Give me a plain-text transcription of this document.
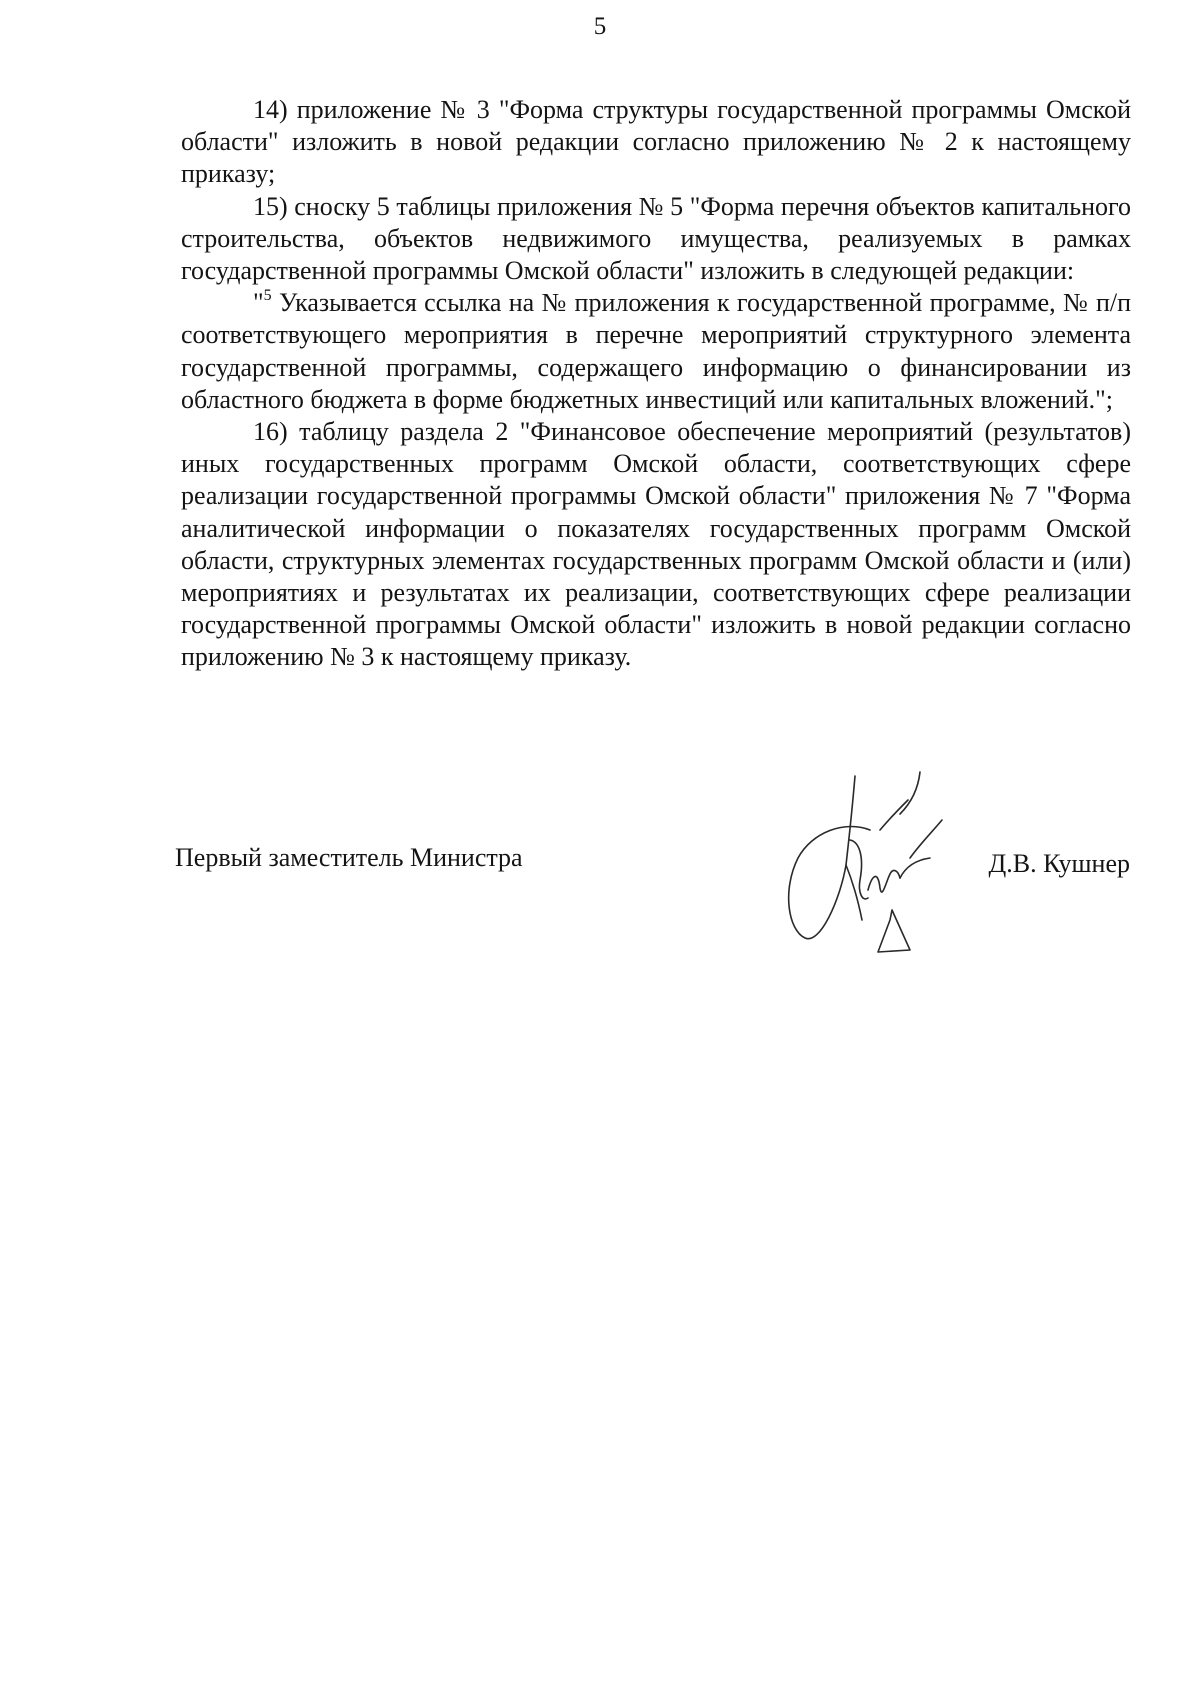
5

14) приложение № 3 "Форма структуры государственной программы Омской области" изложить в новой редакции согласно приложению № 2 к настоящему приказу;

15) сноску 5 таблицы приложения № 5 "Форма перечня объектов капитального строительства, объектов недвижимого имущества, реализуемых в рамках государственной программы Омской области" изложить в следующей редакции:

"$^5$ Указывается ссылка на № приложения к государственной программе, № п/п соответствующего мероприятия в перечне мероприятий структурного элемента государственной программы, содержащего информацию о финансировании из областного бюджета в форме бюджетных инвестиций или капитальных вложений.";

16) таблицу раздела 2 "Финансовое обеспечение мероприятий (результатов) иных государственных программ Омской области, соответствующих сфере реализации государственной программы Омской области" приложения № 7 "Форма аналитической информации о показателях государственных программ Омской области, структурных элементах государственных программ Омской области и (или) мероприятиях и результатах их реализации, соответствующих сфере реализации государственной программы Омской области" изложить в новой редакции согласно приложению № 3 к настоящему приказу.

Первый заместитель Министра	Д.В. Кушнер
